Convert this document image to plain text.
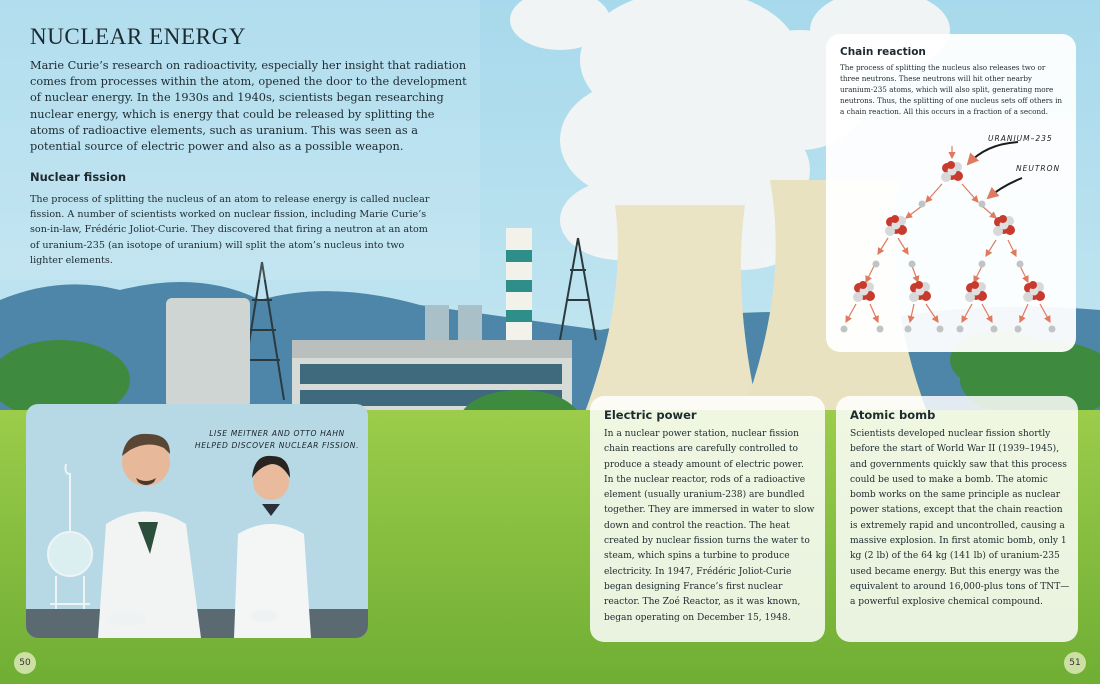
NUCLEAR ENERGY

Marie Curie’s research on radioactivity, especially her insight that radiation comes from processes within the atom, opened the door to the development of nuclear energy. In the 1930s and 1940s, scientists began researching nuclear energy, which is energy that could be released by splitting the atoms of radioactive elements, such as uranium. This was seen as a potential source of electric power and also as a possible weapon.

Nuclear fission

The process of splitting the nucleus of an atom to release energy is called nuclear fission. A number of scientists worked on nuclear fission, including Marie Curie’s son-in-law, Frédéric Joliot-Curie. They discovered that firing a neutron at an atom of uranium-235 (an isotope of uranium) will split the atom’s nucleus into two lighter elements.

Chain reaction

The process of splitting the nucleus also releases two or three neutrons. These neutrons will hit other nearby uranium-235 atoms, which will also split, generating more neutrons. Thus, the splitting of one nucleus sets off others in a chain reaction. All this occurs in a fraction of a second.

URANIUM–235
NEUTRON
Electric power

In a nuclear power station, nuclear fission chain reactions are carefully controlled to produce a steady amount of electric power. In the nuclear reactor, rods of a radioactive element (usually uranium-238) are bundled together. They are immersed in water to slow down and control the reaction. The heat created by nuclear fission turns the water to steam, which spins a turbine to produce electricity. In 1947, Frédéric Joliot-Curie began designing France’s first nuclear reactor. The Zoé Reactor, as it was known, began operating on December 15, 1948.

Atomic bomb

Scientists developed nuclear fission shortly before the start of World War II (1939–1945), and governments quickly saw that this process could be used to make a bomb. The atomic bomb works on the same principle as nuclear power stations, except that the chain reaction is extremely rapid and uncontrolled, causing a massive explosion. In first atomic bomb, only 1 kg (2 lb) of the 64 kg (141 lb) of uranium-235 used became energy. But this energy was the equivalent to around 16,000-plus tons of TNT—a powerful explosive chemical compound.

LISE MEITNER AND OTTO HAHN HELPED DISCOVER NUCLEAR FISSION.

50	51
